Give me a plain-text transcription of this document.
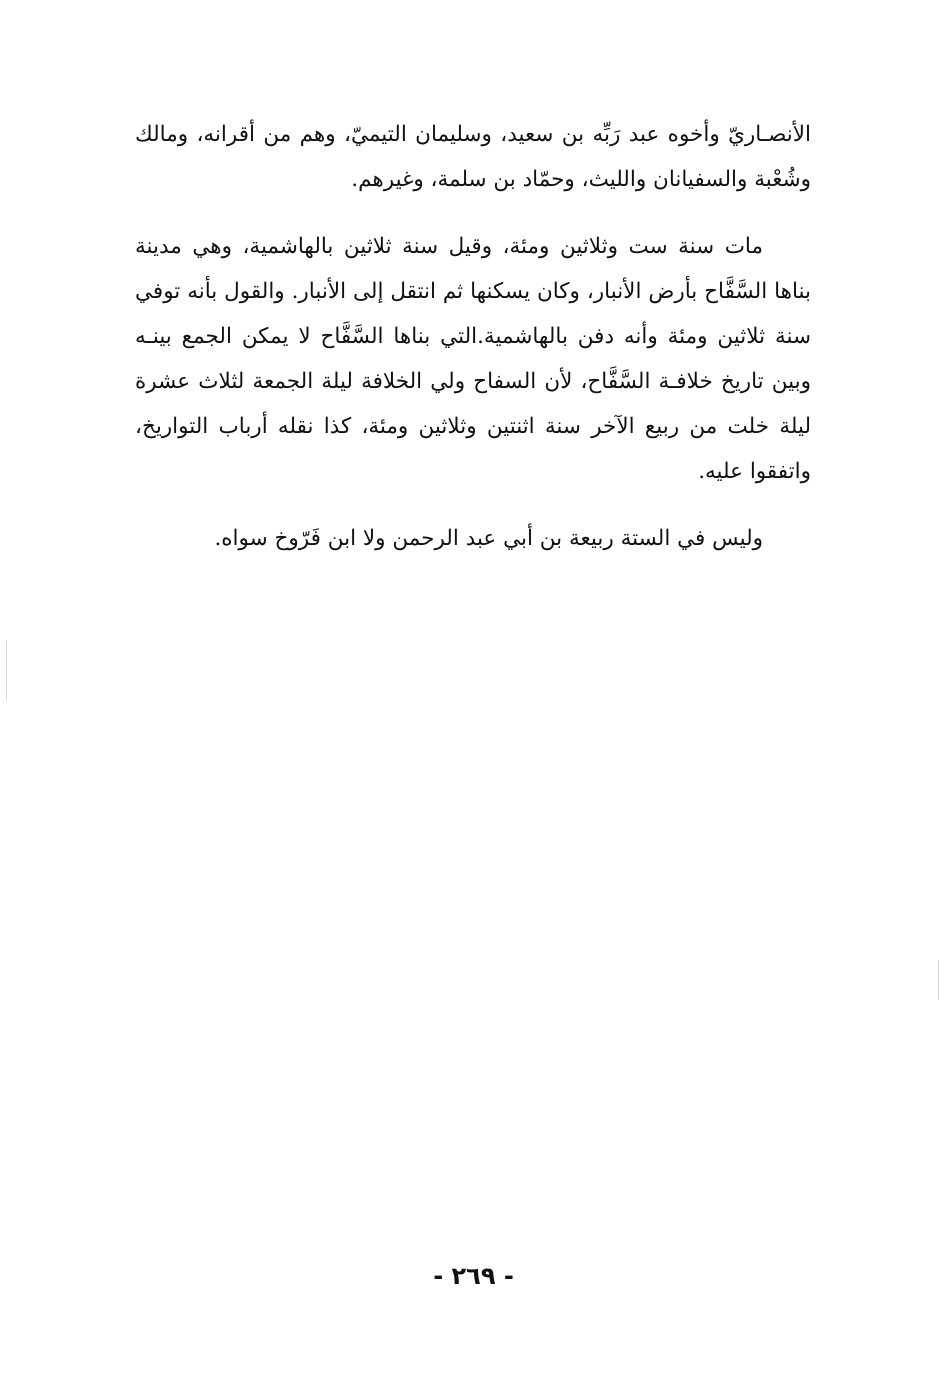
الأنصـاريّ وأخوه عبد رَبِّه بن سعيد، وسليمان التيميّ، وهم من أقرانه، ومالك وشُعْبة والسفيانان والليث، وحمّاد بن سلمة، وغيرهم.

مات سنة ست وثلاثين ومئة، وقيل سنة ثلاثين بالهاشمية، وهي مدينة بناها السَّفَّاح بأرض الأنبار، وكان يسكنها ثم انتقل إلى الأنبار. والقول بأنه توفي سنة ثلاثين ومئة وأنه دفن بالهاشمية.التي بناها السَّفَّاح لا يمكن الجمع بينـه وبين تاريخ خلافـة السَّفَّاح، لأن السفاح ولي الخلافة ليلة الجمعة لثلاث عشرة ليلة خلت من ربيع الآخر سنة اثنتين وثلاثين ومئة، كذا نقله أرباب التواريخ، واتفقوا عليه.

وليس في الستة ربيعة بن أبي عبد الرحمن ولا ابن فَرّوخ سواه.

- ٢٦٩ -
